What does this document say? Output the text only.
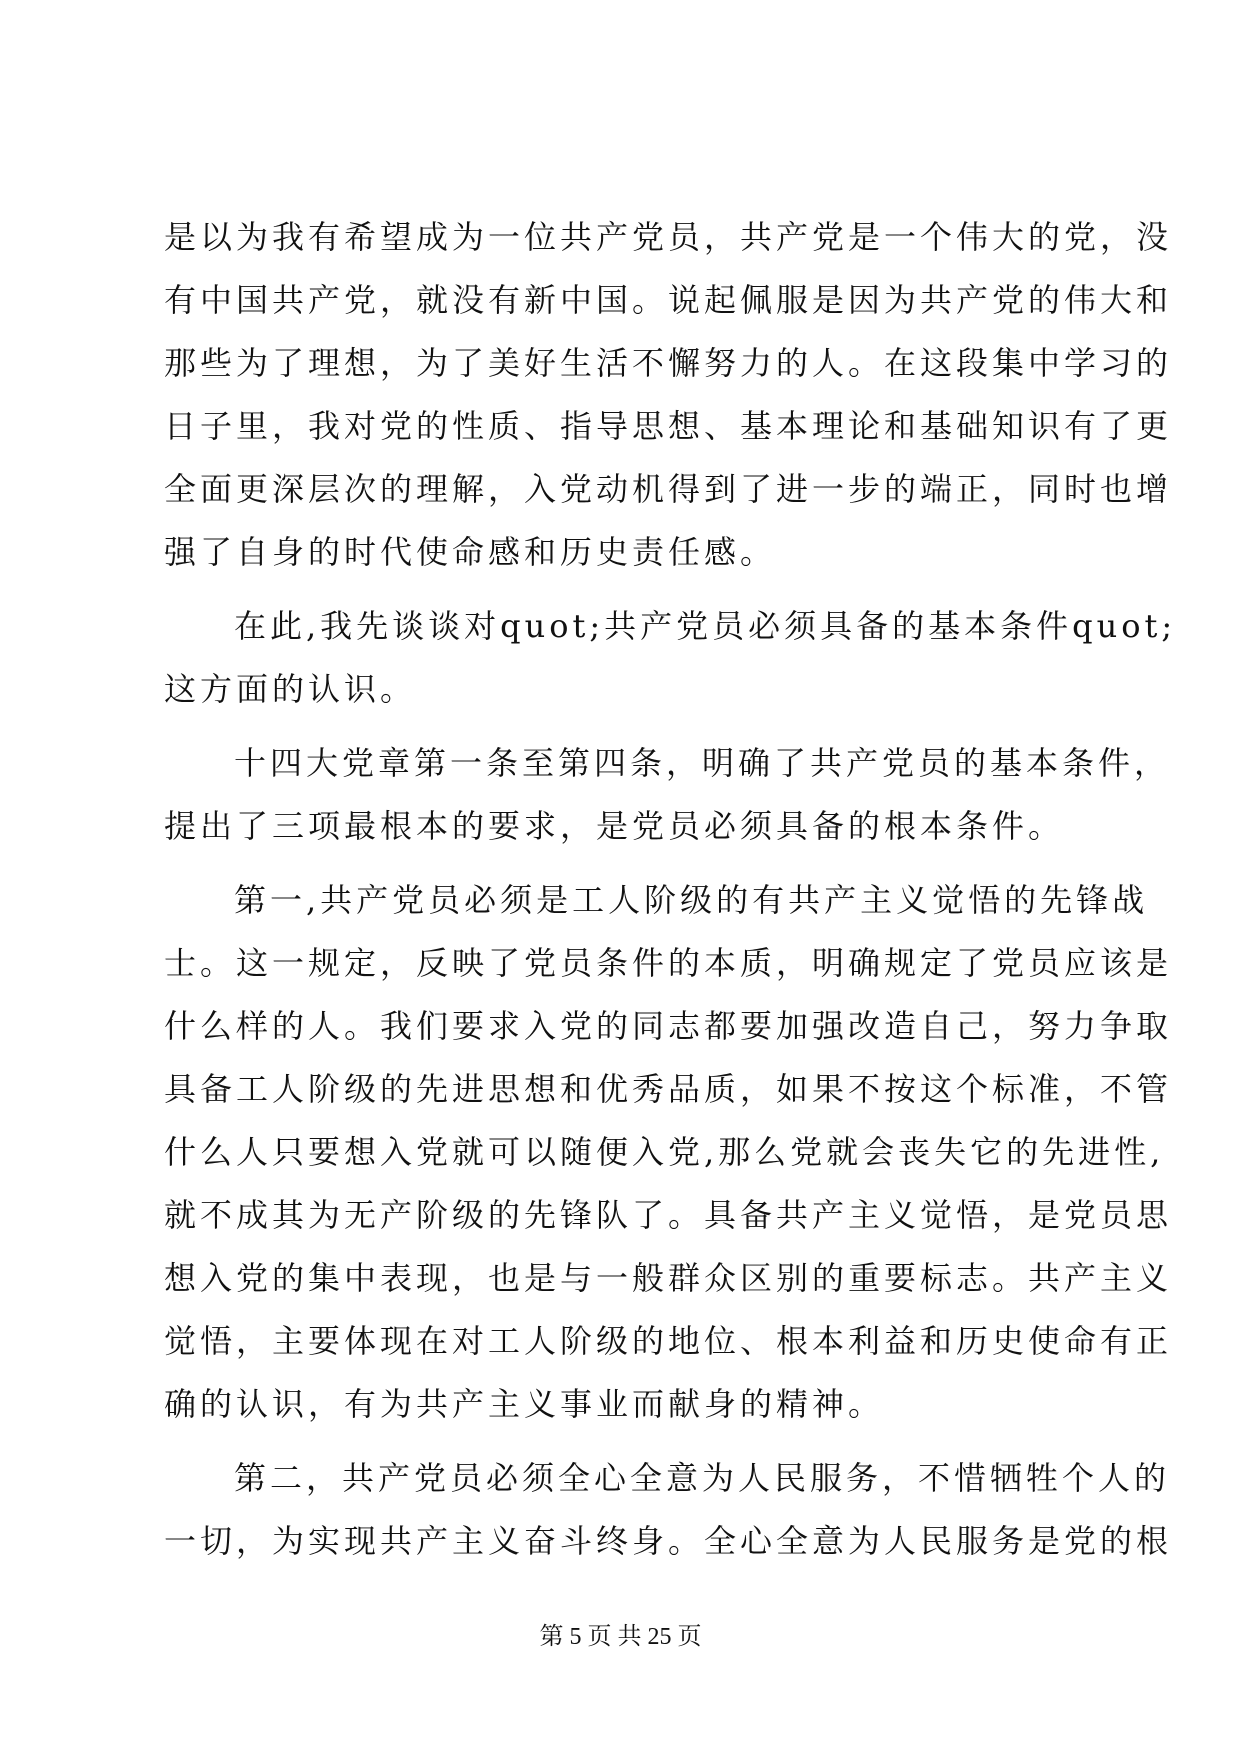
是以为我有希望成为一位共产党员，共产党是一个伟大的党，没
有中国共产党，就没有新中国。说起佩服是因为共产党的伟大和
那些为了理想，为了美好生活不懈努力的人。在这段集中学习的
日子里，我对党的性质、指导思想、基本理论和基础知识有了更
全面更深层次的理解，入党动机得到了进一步的端正，同时也增
强了自身的时代使命感和历史责任感。

在此,我先谈谈对quot;共产党员必须具备的基本条件quot;
这方面的认识。

十四大党章第一条至第四条，明确了共产党员的基本条件，
提出了三项最根本的要求，是党员必须具备的根本条件。

第一,共产党员必须是工人阶级的有共产主义觉悟的先锋战
士。这一规定，反映了党员条件的本质，明确规定了党员应该是
什么样的人。我们要求入党的同志都要加强改造自己，努力争取
具备工人阶级的先进思想和优秀品质，如果不按这个标准，不管
什么人只要想入党就可以随便入党,那么党就会丧失它的先进性,
就不成其为无产阶级的先锋队了。具备共产主义觉悟，是党员思
想入党的集中表现，也是与一般群众区别的重要标志。共产主义
觉悟，主要体现在对工人阶级的地位、根本利益和历史使命有正
确的认识，有为共产主义事业而献身的精神。

第二，共产党员必须全心全意为人民服务，不惜牺牲个人的
一切，为实现共产主义奋斗终身。全心全意为人民服务是党的根

第 5 页 共 25 页
